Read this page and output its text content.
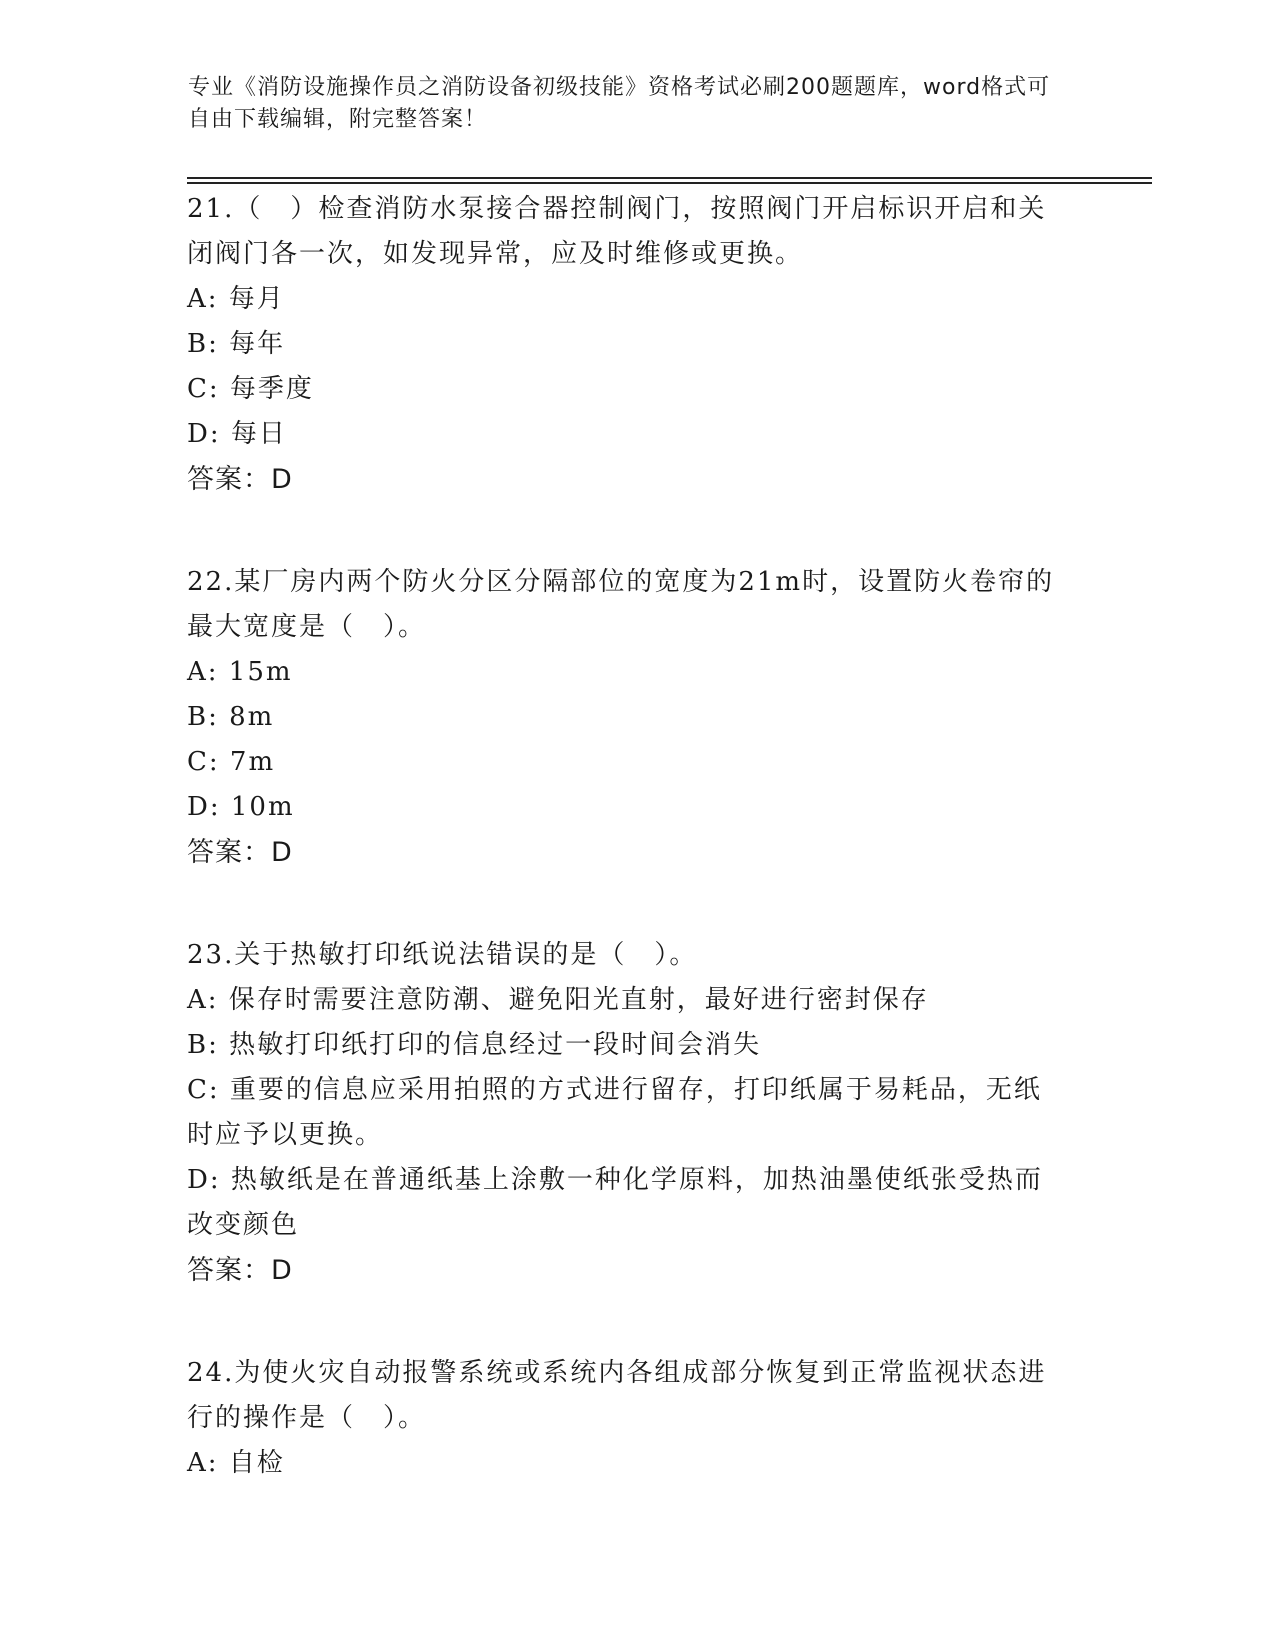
专业《消防设施操作员之消防设备初级技能》资格考试必刷200题题库，word格式可自由下载编辑，附完整答案！

21.（　）检查消防水泵接合器控制阀门，按照阀门开启标识开启和关闭阀门各一次，如发现异常，应及时维修或更换。

A: 每月

B: 每年

C: 每季度

D: 每日

答案：D

22.某厂房内两个防火分区分隔部位的宽度为21m时，设置防火卷帘的最大宽度是（　）。

A: 15m

B: 8m

C: 7m

D: 10m

答案：D

23.关于热敏打印纸说法错误的是（　）。

A: 保存时需要注意防潮、避免阳光直射，最好进行密封保存

B: 热敏打印纸打印的信息经过一段时间会消失

C: 重要的信息应采用拍照的方式进行留存，打印纸属于易耗品，无纸时应予以更换。

D: 热敏纸是在普通纸基上涂敷一种化学原料，加热油墨使纸张受热而改变颜色

答案：D

24.为使火灾自动报警系统或系统内各组成部分恢复到正常监视状态进行的操作是（　）。

A: 自检
